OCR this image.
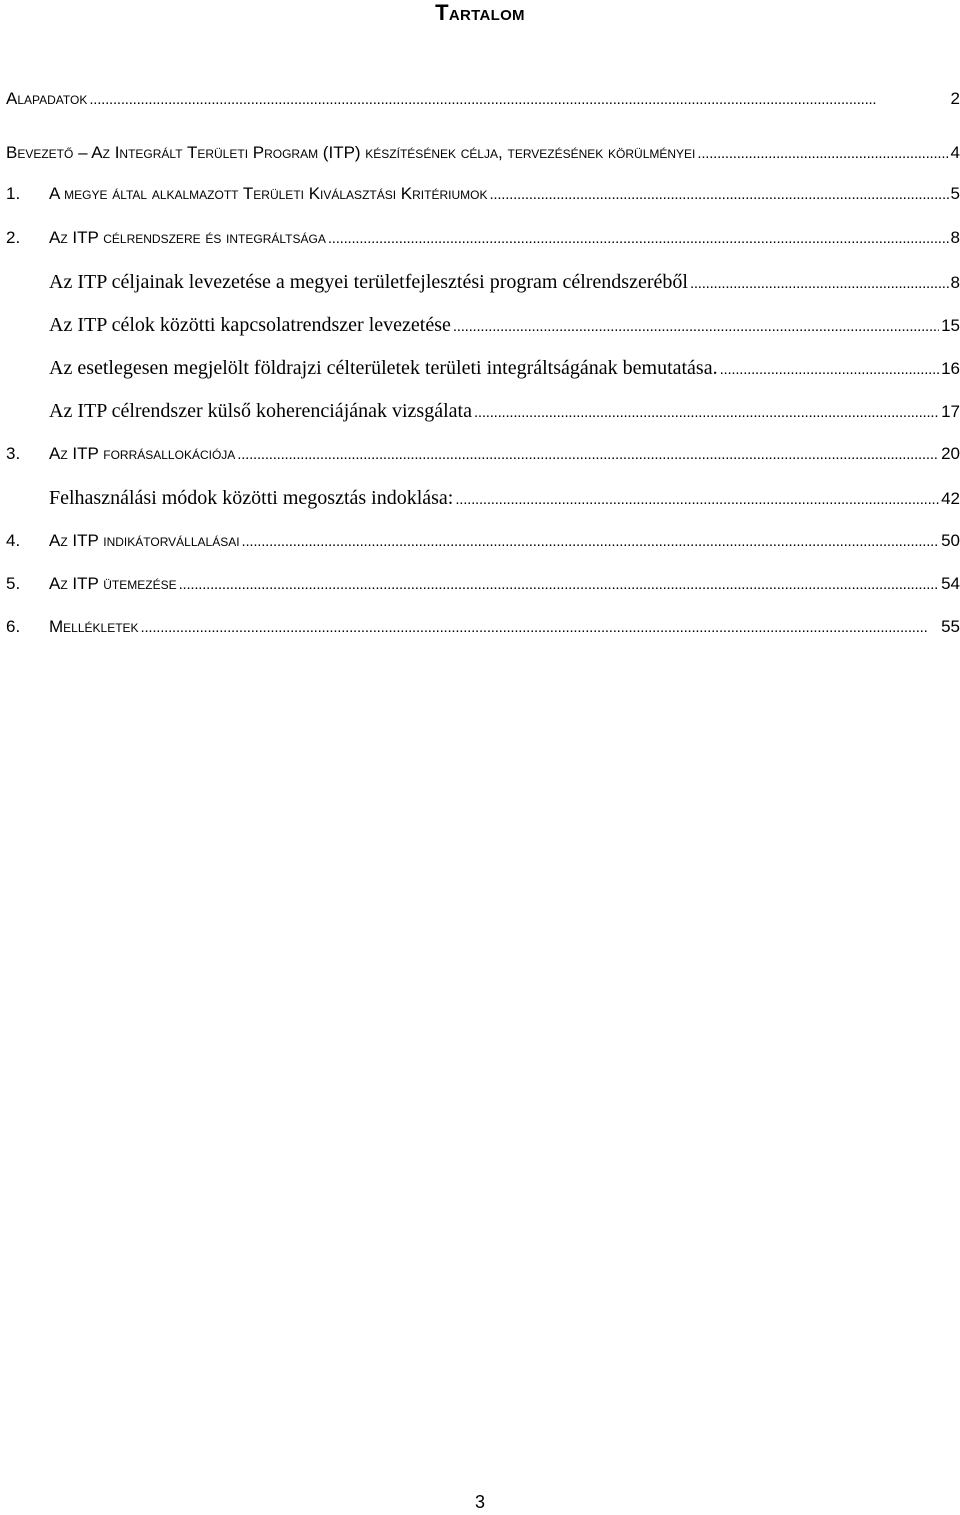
Tartalom
Alapadatok . . .	2
Bevezető – Az Integrált Területi Program (ITP) készítésének célja, tervezésének körülményei . . .	4
1.	A megye által alkalmazott Területi Kiválasztási Kritériumok . . .	5
2.	Az ITP célrendszere és integráltsága . . .	8
Az ITP céljainak levezetése a megyei területfejlesztési program célrendszeréből . . .	8
Az ITP célok közötti kapcsolatrendszer levezetése . . .	15
Az esetlegesen megjelölt földrajzi célterületek területi integráltságának bemutatása. . . .	16
Az ITP célrendszer külső koherenciájának vizsgálata . . .	17
3.	Az ITP forrásallokációja . . .	20
Felhasználási módok közötti megosztás indoklása: . . .	42
4.	Az ITP indikátorvállalásai . . .	50
5.	Az ITP ütemezése . . .	54
6.	Mellékletek . . .	55
3
